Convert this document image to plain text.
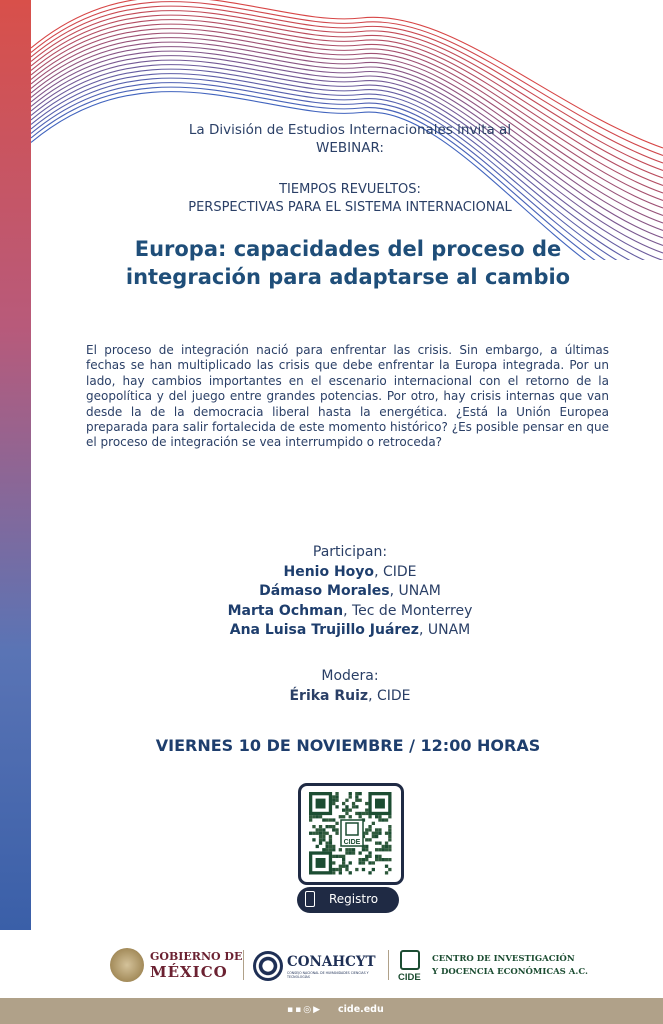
La División de Estudios Internacionales invita al
WEBINAR:
TIEMPOS REVUELTOS:
PERSPECTIVAS PARA EL SISTEMA INTERNACIONAL
Europa: capacidades del proceso de
integración para adaptarse al cambio
El proceso de integración nació para enfrentar las crisis. Sin embargo, a últimas fechas se han multiplicado las crisis que debe enfrentar la Europa integrada. Por un lado, hay cambios importantes en el escenario internacional con el retorno de la geopolítica y del juego entre grandes potencias. Por otro, hay crisis internas que van desde la de la democracia liberal hasta la energética. ¿Está la Unión Europea preparada para salir fortalecida de este momento histórico? ¿Es posible pensar en que el proceso de integración se vea interrumpido o retroceda?
Participan:
Henio Hoyo, CIDE
Dámaso Morales, UNAM
Marta Ochman, Tec de Monterrey
Ana Luisa Trujillo Juárez, UNAM
Modera:
Érika Ruiz, CIDE
VIERNES 10 DE NOVIEMBRE / 12:00 HORAS
CIDE
Registro
GOBIERNO DE
MÉXICO
CONAHCYT
CONSEJO NACIONAL DE HUMANIDADES CIENCIAS Y TECNOLOGÍAS	CIDE
CENTRO DE INVESTIGACIÓN
Y DOCENCIA ECONÓMICAS A.C.
▪▪◎▶ cide.edu
